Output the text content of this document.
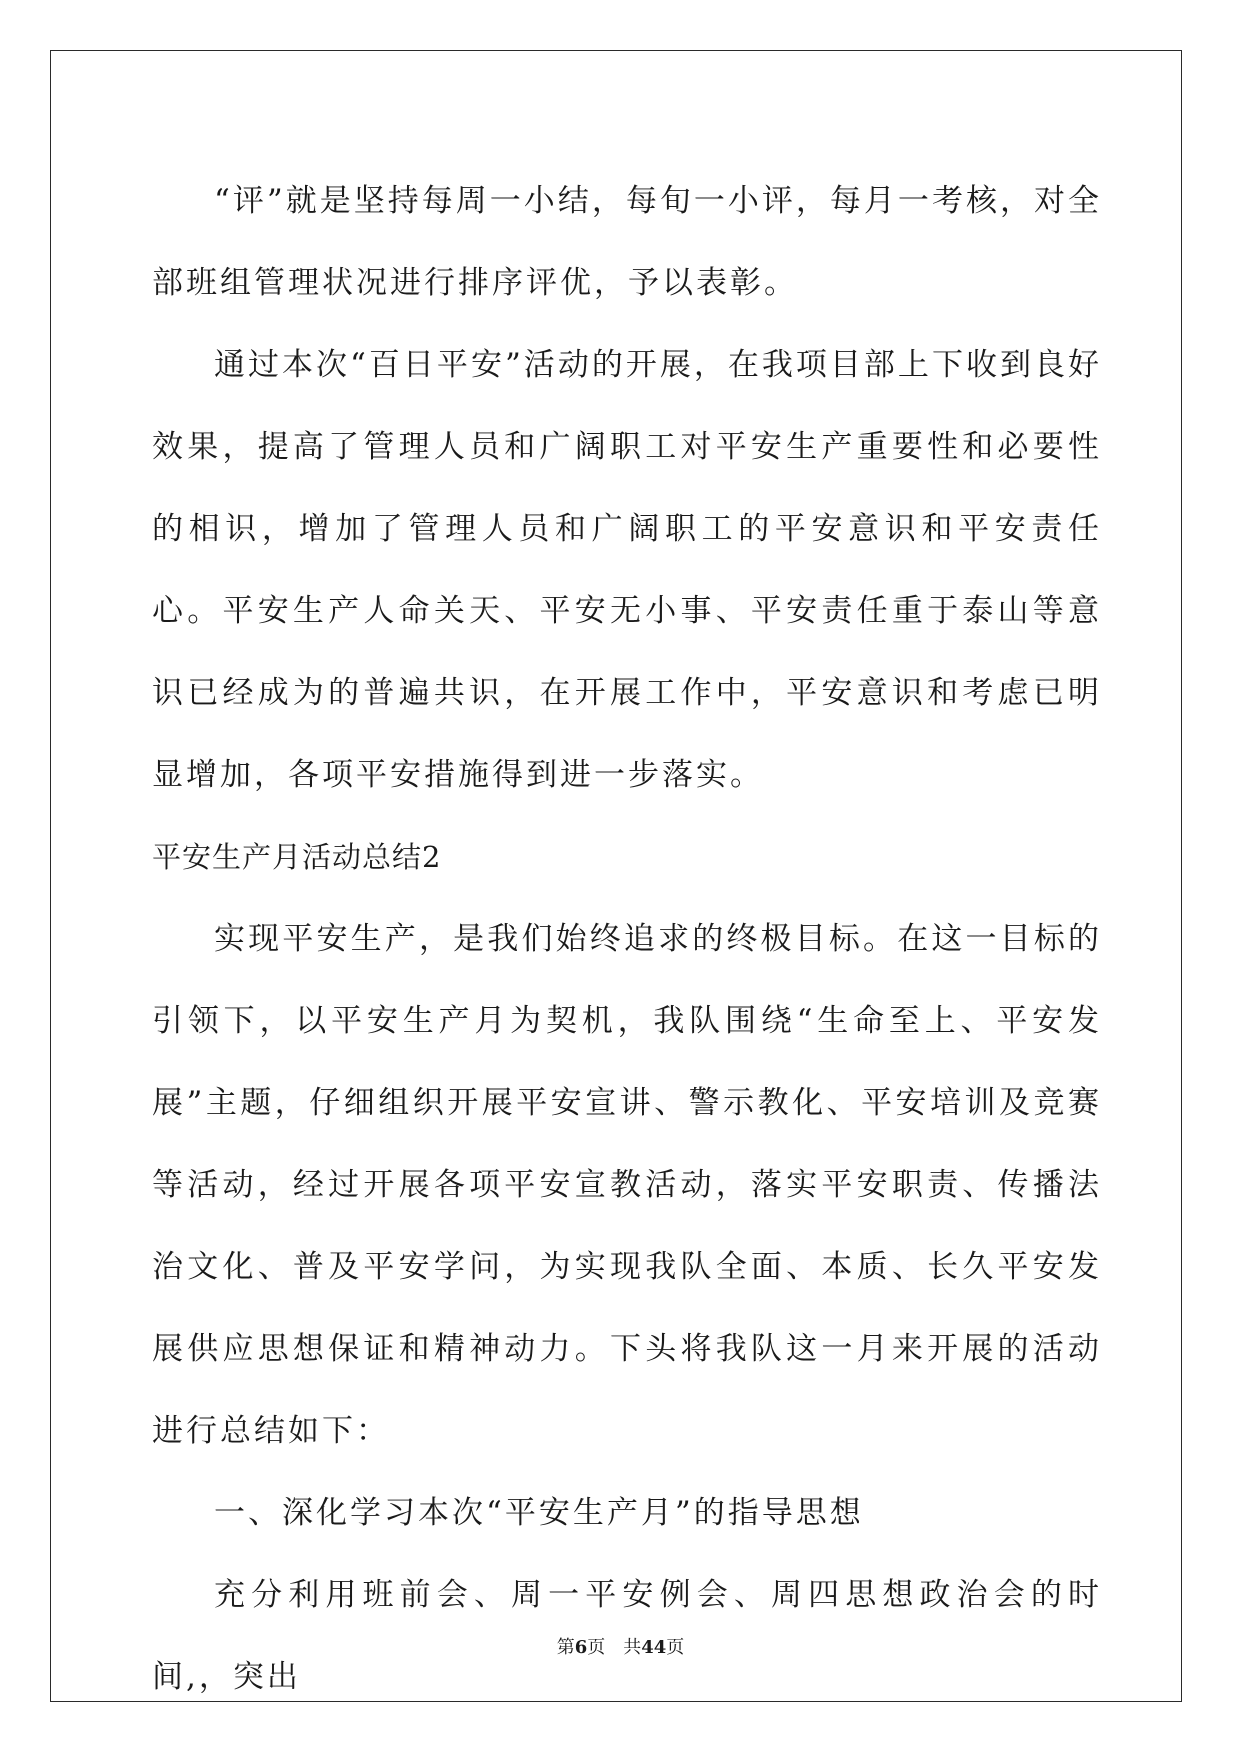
“评”就是坚持每周一小结，每旬一小评，每月一考核，对全部班组管理状况进行排序评优，予以表彰。

通过本次“百日平安”活动的开展，在我项目部上下收到良好效果，提高了管理人员和广阔职工对平安生产重要性和必要性的相识，增加了管理人员和广阔职工的平安意识和平安责任心。平安生产人命关天、平安无小事、平安责任重于泰山等意识已经成为的普遍共识，在开展工作中，平安意识和考虑已明显增加，各项平安措施得到进一步落实。

平安生产月活动总结2

实现平安生产，是我们始终追求的终极目标。在这一目标的引领下，以平安生产月为契机，我队围绕“生命至上、平安发展”主题，仔细组织开展平安宣讲、警示教化、平安培训及竞赛等活动，经过开展各项平安宣教活动，落实平安职责、传播法治文化、普及平安学问，为实现我队全面、本质、长久平安发展供应思想保证和精神动力。下头将我队这一月来开展的活动进行总结如下：

一、深化学习本次“平安生产月”的指导思想

充分利用班前会、周一平安例会、周四思想政治会的时间,，突出

第6页　共44页
